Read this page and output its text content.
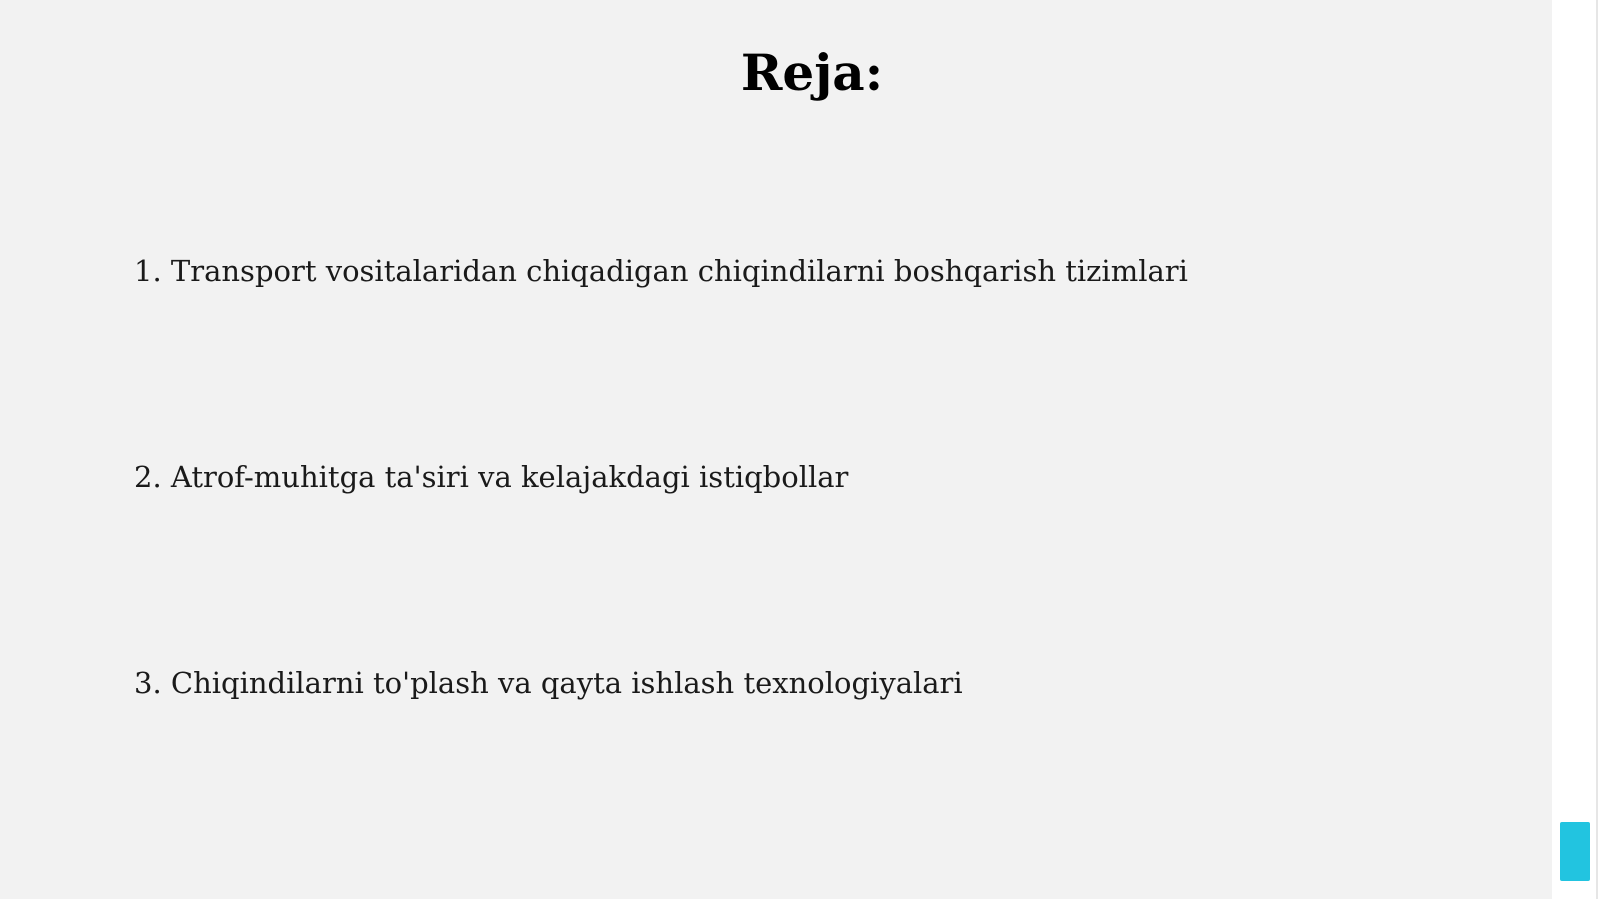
Reja:

1. Transport vositalaridan chiqadigan chiqindilarni boshqarish tizimlari

2. Atrof-muhitga ta'siri va kelajakdagi istiqbollar

3. Chiqindilarni to'plash va qayta ishlash texnologiyalari
